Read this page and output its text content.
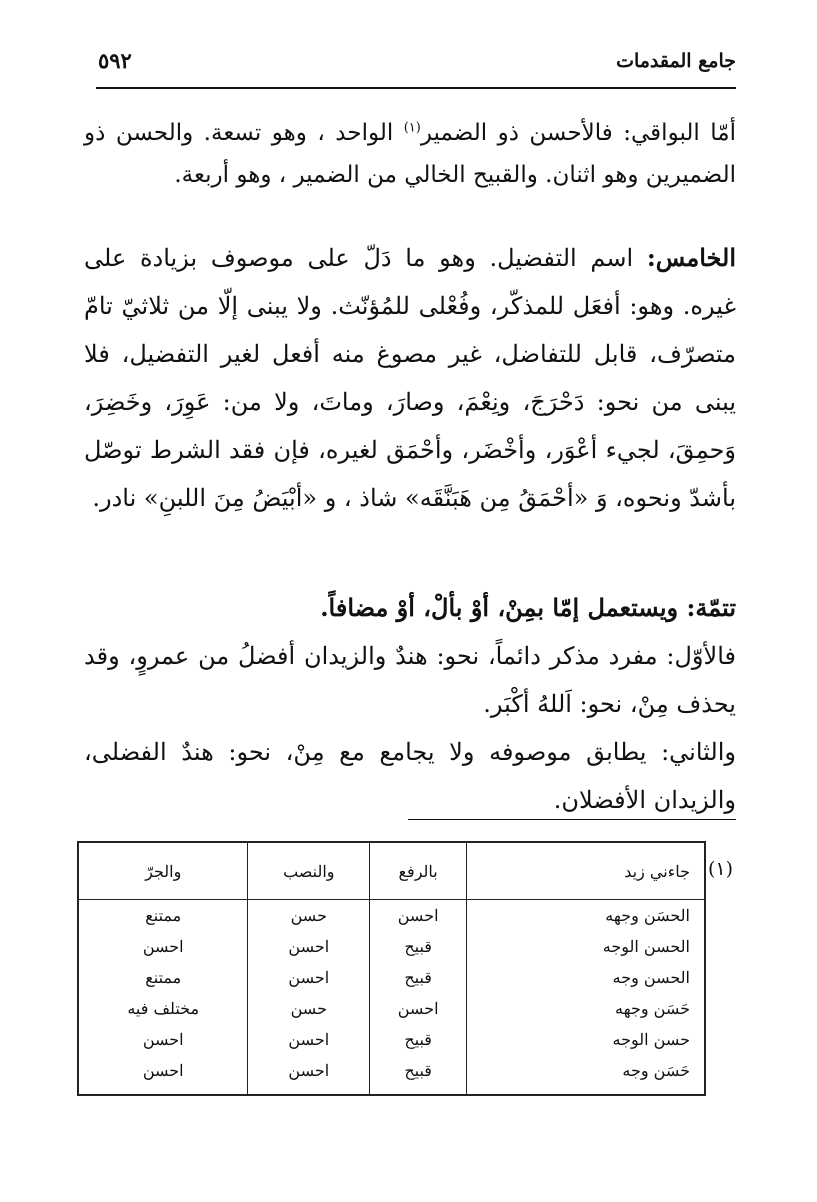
جامع المقدمات
٥٩٢

أمّا البواقي: فالأحسن ذو الضمير$^{(١)}$ الواحد ، وهو تسعة. والحسن ذو الضميرين وهو اثنان. والقبيح الخالي من الضمير ، وهو أربعة.

الخامس: اسم التفضيل. وهو ما دَلّ على موصوف بزيادة على غيره. وهو: أفعَل للمذكّر، وفُعْلى للمُؤنّث. ولا يبنى إلّا من ثلاثيّ تامّ متصرّف، قابل للتفاضل، غير مصوغ منه أفعل لغير التفضيل، فلا يبنى من نحو: دَحْرَجَ، ونِعْمَ، وصارَ، وماتَ، ولا من: عَوِرَ، وخَضِرَ، وَحمِقَ، لجيء أعْوَر، وأخْضَر، وأحْمَق لغيره، فإن فقد الشرط توصّل بأشدّ ونحوه، وَ «أحْمَقُ مِن هَبَنَّقَه» شاذ ، و «أبْيَضُ مِنَ اللبنِ» نادر.

تتمّة: ويستعمل إمّا بمِنْ، أوْ بألْ، أوْ مضافاً.

فالأوّل: مفرد مذكر دائماً، نحو: هندٌ والزيدان أفضلُ من عمروٍ، وقد يحذف مِنْ، نحو: اَللهُ أكْبَر.

والثاني: يطابق موصوفه ولا يجامع مع مِنْ، نحو: هندٌ الفضلى، والزيدان الأفضلان.

(١)
جاءني زيد	بالرفع	والنصب	والجرّ
الحسَن وجهه	احسن	حسن	ممتنع
الحسن الوجه	قبيح	احسن	احسن
الحسن وجه	قبيح	احسن	ممتنع
حَسَن وجهه	احسن	حسن	مختلف فيه
حسن الوجه	قبيح	احسن	احسن
حَسَن وجه	قبيح	احسن	احسن
